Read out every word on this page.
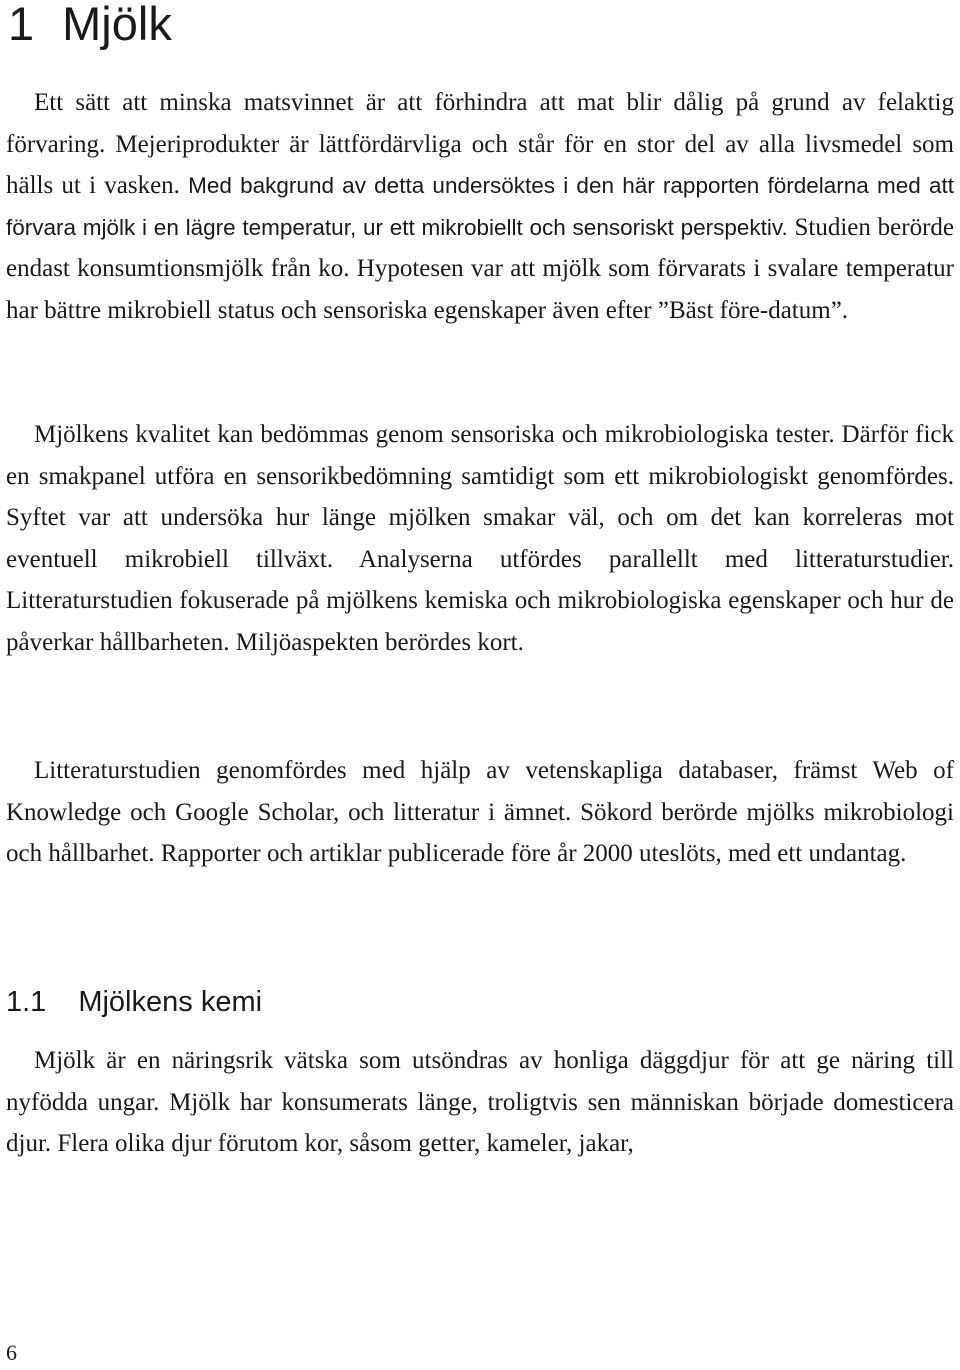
1 Mjölk

Ett sätt att minska matsvinnet är att förhindra att mat blir dålig på grund av felaktig förvaring. Mejeriprodukter är lättfördärvliga och står för en stor del av alla livsmedel som hälls ut i vasken. Med bakgrund av detta undersöktes i den här rapporten fördelarna med att förvara mjölk i en lägre temperatur, ur ett mikrobiellt och sensoriskt perspektiv. Studien berörde endast konsumtionsmjölk från ko. Hypotesen var att mjölk som förvarats i svalare temperatur har bättre mikrobiell status och sensoriska egenskaper även efter ”Bäst före-datum”.

Mjölkens kvalitet kan bedömmas genom sensoriska och mikrobiologiska tester. Därför fick en smakpanel utföra en sensorikbedömning samtidigt som ett mikrobiologiskt genomfördes. Syftet var att undersöka hur länge mjölken smakar väl, och om det kan korreleras mot eventuell mikrobiell tillväxt. Analyserna utfördes parallellt med litteraturstudier. Litteraturstudien fokuserade på mjölkens kemiska och mikrobiologiska egenskaper och hur de påverkar hållbarheten. Miljöaspekten berördes kort.

Litteraturstudien genomfördes med hjälp av vetenskapliga databaser, främst Web of Knowledge och Google Scholar, och litteratur i ämnet. Sökord berörde mjölks mikrobiologi och hållbarhet. Rapporter och artiklar publicerade före år 2000 uteslöts, med ett undantag.

1.1 Mjölkens kemi

Mjölk är en näringsrik vätska som utsöndras av honliga däggdjur för att ge näring till nyfödda ungar. Mjölk har konsumerats länge, troligtvis sen människan började domesticera djur. Flera olika djur förutom kor, såsom getter, kameler, jakar,

6
